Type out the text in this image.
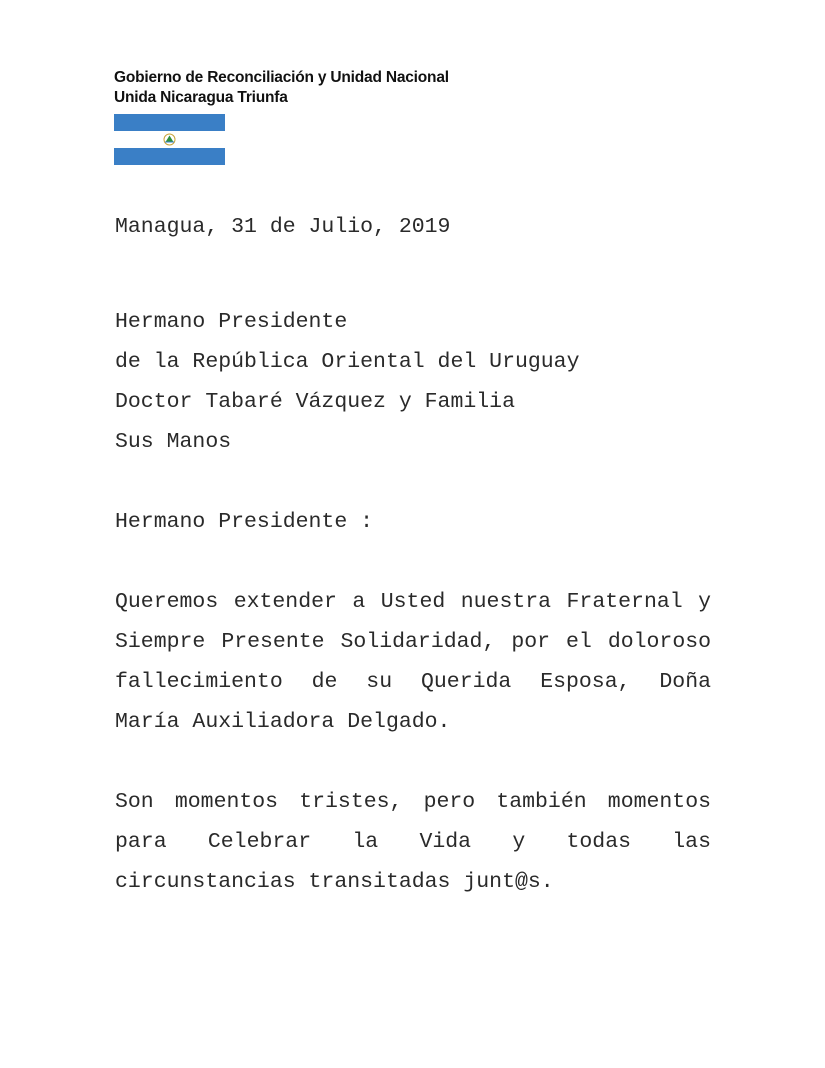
Gobierno de Reconciliación y Unidad Nacional
Unida Nicaragua Triunfa
Managua, 31 de Julio, 2019
Hermano Presidente
de la República Oriental del Uruguay
Doctor Tabaré Vázquez y Familia
Sus Manos
Hermano Presidente :
Queremos extender a Usted nuestra Fraternal y
Siempre Presente Solidaridad, por el doloroso
fallecimiento de su Querida Esposa, Doña
María Auxiliadora Delgado.
Son momentos tristes, pero también momentos
para Celebrar la Vida y todas las
circunstancias transitadas junt@s.
